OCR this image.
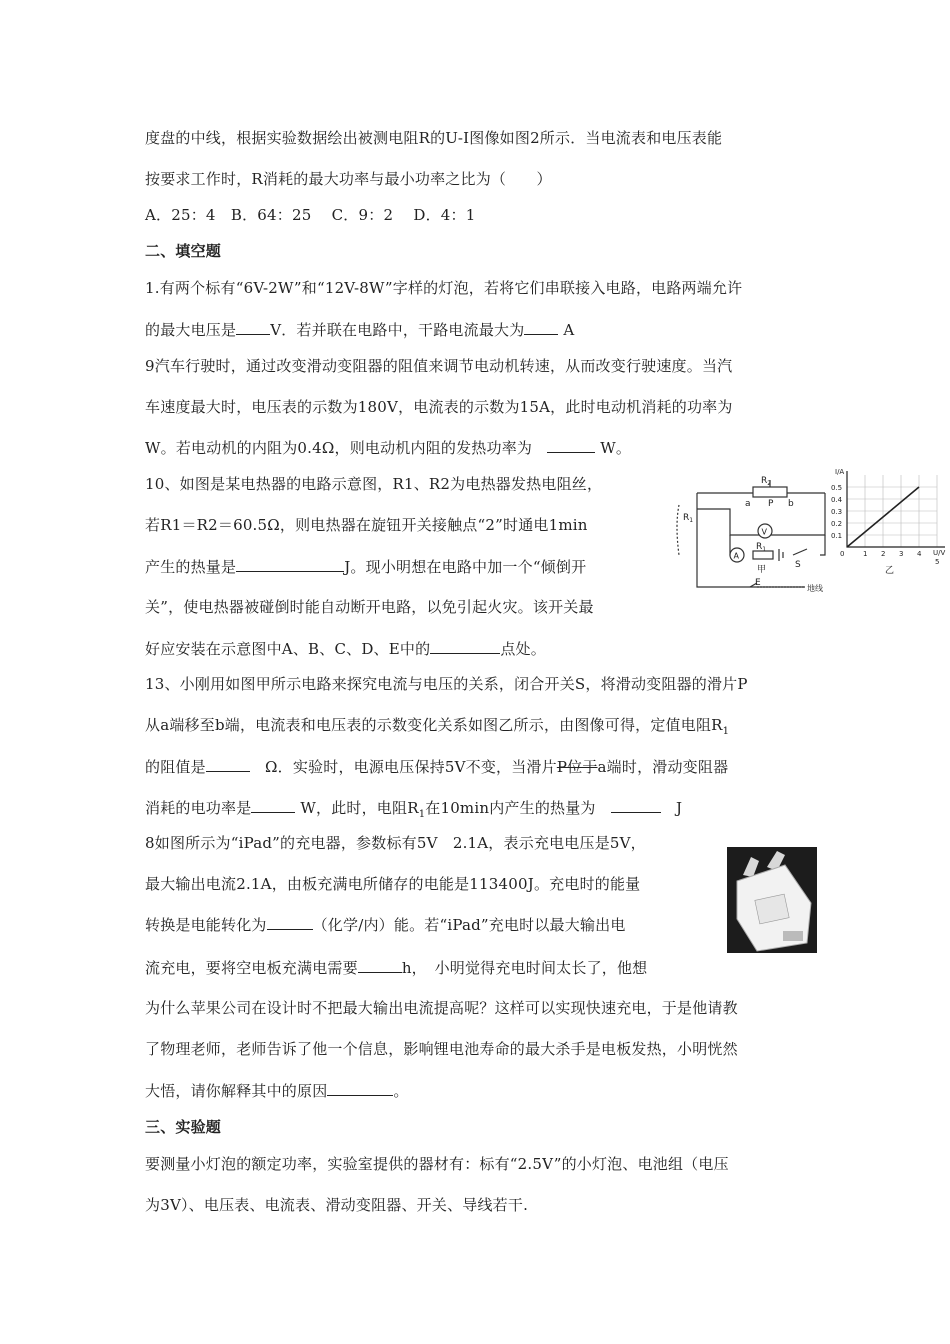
度盘的中线，根据实验数据绘出被测电阻R的U-I图像如图2所示．当电流表和电压表能
按要求工作时，R消耗的最大功率与最小功率之比为（　　）
A．25：4　B．64：25　 C．9：2　 D．4：1
二、填空题
1.有两个标有“6V-2W”和“12V-8W”字样的灯泡，若将它们串联接入电路，电路两端允许
的最大电压是 V．若并联在电路中，干路电流最大为 A
9汽车行驶时，通过改变滑动变阻器的阻值来调节电动机转速，从而改变行驶速度。当汽
车速度最大时，电压表的示数为180V，电流表的示数为15A，此时电动机消耗的功率为
W。若电动机的内阻为0.4Ω，则电动机内阻的发热功率为　	W。
10、如图是某电热器的电路示意图，R1、R2为电热器发热电阻丝，
若R1＝R2＝60.5Ω，则电热器在旋钮开关接触点“2”时通电1min
产生的热量是	J。现小明想在电路中加一个“倾倒开
关”，使电热器被碰倒时能自动断开电路，以免引起火灾。该开关最
好应安装在示意图中A、B、C、D、E中的	点处。
$R_1$
$R_2$
a P b
V
A
$R_1$
S
甲
E
地线
I/A
U/V
0.5
0.4
0.3
0.2
0.1
0	1 2 3 4
5
乙
13、小刚用如图甲所示电路来探究电流与电压的关系，闭合开关S，将滑动变阻器的滑片P
从a端移至b端，电流表和电压表的示数变化关系如图乙所示，由图像可得，定值电阻$R_1$
的阻值是	　Ω．实验时，电源电压保持5V不变，当滑片P位于a端时，滑动变阻器
消耗的电功率是	W，此时，电阻$R_1$在10min内产生的热量为　	　J
8如图所示为“iPad”的充电器，参数标有5V　2.1A，表示充电电压是5V，
最大输出电流2.1A，由板充满电所储存的电能是113400J。充电时的能量
转换是电能转化为	（化学/内）能。若“iPad”充电时以最大输出电
流充电，要将空电板充满电需要	h，　小明觉得充电时间太长了，他想
为什么苹果公司在设计时不把最大输出电流提高呢？这样可以实现快速充电，于是他请教
了物理老师，老师告诉了他一个信息，影响锂电池寿命的最大杀手是电板发热，小明恍然
大悟，请你解释其中的原因	。
三、实验题
要测量小灯泡的额定功率，实验室提供的器材有：标有“2.5V”的小灯泡、电池组（电压
为3V）、电压表、电流表、滑动变阻器、开关、导线若干.
